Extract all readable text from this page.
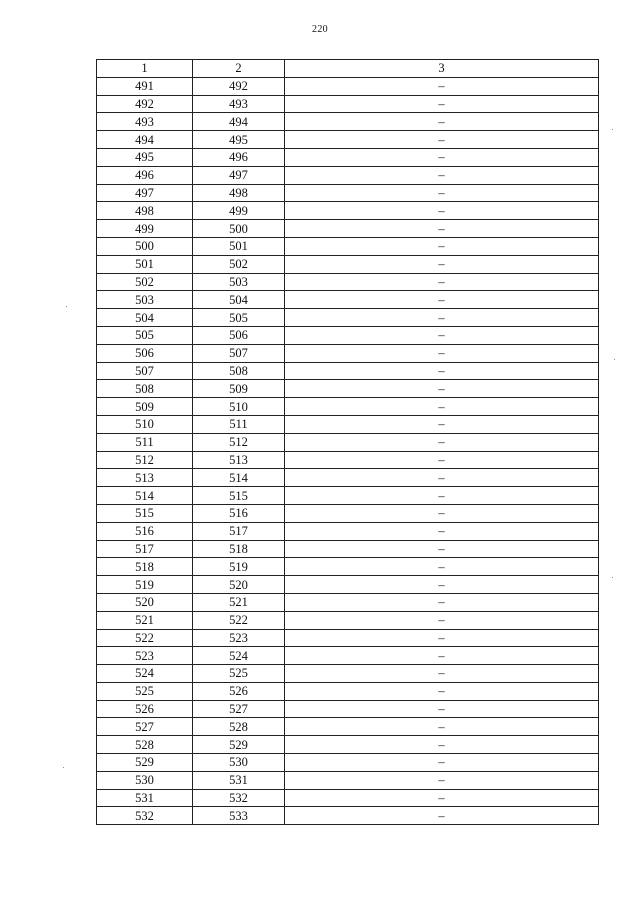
220
1	2	3
491	492	–
492	493	–
493	494	–
494	495	–
495	496	–
496	497	–
497	498	–
498	499	–
499	500	–
500	501	–
501	502	–
502	503	–
503	504	–
504	505	–
505	506	–
506	507	–
507	508	–
508	509	–
509	510	–
510	511	–
511	512	–
512	513	–
513	514	–
514	515	–
515	516	–
516	517	–
517	518	–
518	519	–
519	520	–
520	521	–
521	522	–
522	523	–
523	524	–
524	525	–
525	526	–
526	527	–
527	528	–
528	529	–
529	530	–
530	531	–
531	532	–
532	533	–
